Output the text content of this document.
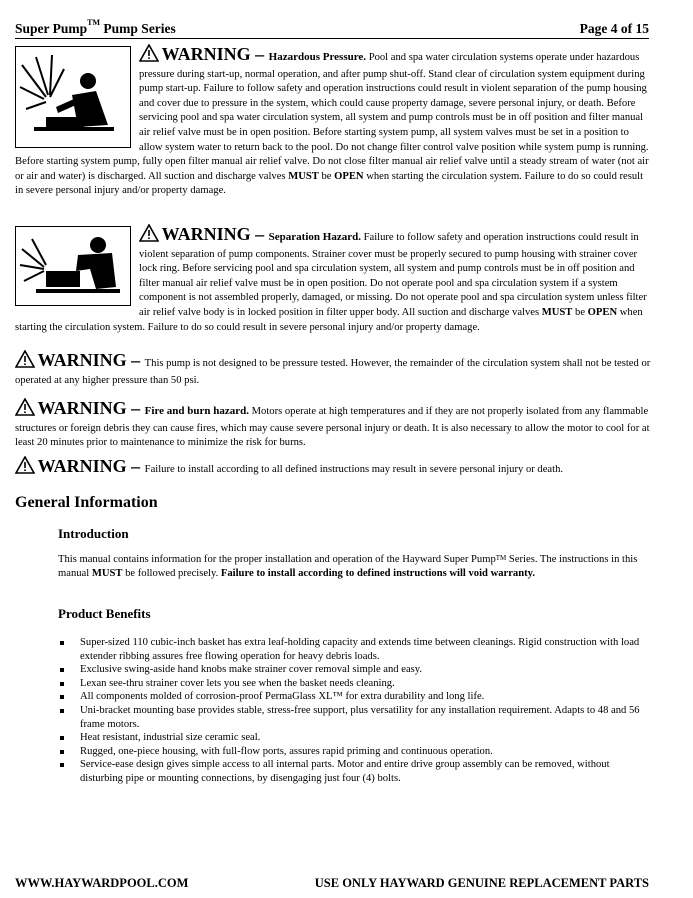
Super Pump™ Pump Series	Page 4 of 15
WARNING – Hazardous Pressure. Pool and spa water circulation systems operate under hazardous pressure during start-up, normal operation, and after pump shut-off. Stand clear of circulation system equipment during pump start-up. Failure to follow safety and operation instructions could result in violent separation of the pump housing and cover due to pressure in the system, which could cause property damage, severe personal injury, or death. Before servicing pool and spa water circulation system, all system and pump controls must be in off position and filter manual air relief valve must be in open position. Before starting system pump, all system valves must be set in a position to allow system water to return back to the pool. Do not change filter control valve position while system pump is running. Before starting system pump, fully open filter manual air relief valve. Do not close filter manual air relief valve until a steady stream of water (not air or air and water) is discharged. All suction and discharge valves MUST be OPEN when starting the circulation system. Failure to do so could result in severe personal injury and/or property damage.
WARNING – Separation Hazard. Failure to follow safety and operation instructions could result in violent separation of pump components. Strainer cover must be properly secured to pump housing with strainer cover lock ring. Before servicing pool and spa circulation system, all system and pump controls must be in off position and filter manual air relief valve must be in open position. Do not operate pool and spa circulation system if a system component is not assembled properly, damaged, or missing. Do not operate pool and spa circulation system unless filter air relief valve body is in locked position in filter upper body. All suction and discharge valves MUST be OPEN when starting the circulation system. Failure to do so could result in severe personal injury and/or property damage.
WARNING – This pump is not designed to be pressure tested. However, the remainder of the circulation system shall not be tested or operated at any higher pressure than 50 psi.
WARNING – Fire and burn hazard. Motors operate at high temperatures and if they are not properly isolated from any flammable structures or foreign debris they can cause fires, which may cause severe personal injury or death. It is also necessary to allow the motor to cool for at least 20 minutes prior to maintenance to minimize the risk for burns.
WARNING – Failure to install according to all defined instructions may result in severe personal injury or death.
General Information
Introduction
This manual contains information for the proper installation and operation of the Hayward Super Pump™ Series. The instructions in this manual MUST be followed precisely. Failure to install according to defined instructions will void warranty.
Product Benefits
Super-sized 110 cubic-inch basket has extra leaf-holding capacity and extends time between cleanings. Rigid construction with load extender ribbing assures free flowing operation for heavy debris loads.
Exclusive swing-aside hand knobs make strainer cover removal simple and easy.
Lexan see-thru strainer cover lets you see when the basket needs cleaning.
All components molded of corrosion-proof PermaGlass XL™ for extra durability and long life.
Uni-bracket mounting base provides stable, stress-free support, plus versatility for any installation requirement. Adapts to 48 and 56 frame motors.
Heat resistant, industrial size ceramic seal.
Rugged, one-piece housing, with full-flow ports, assures rapid priming and continuous operation.
Service-ease design gives simple access to all internal parts. Motor and entire drive group assembly can be removed, without disturbing pipe or mounting connections, by disengaging just four (4) bolts.
WWW.HAYWARDPOOL.COM	USE ONLY HAYWARD GENUINE REPLACEMENT PARTS
